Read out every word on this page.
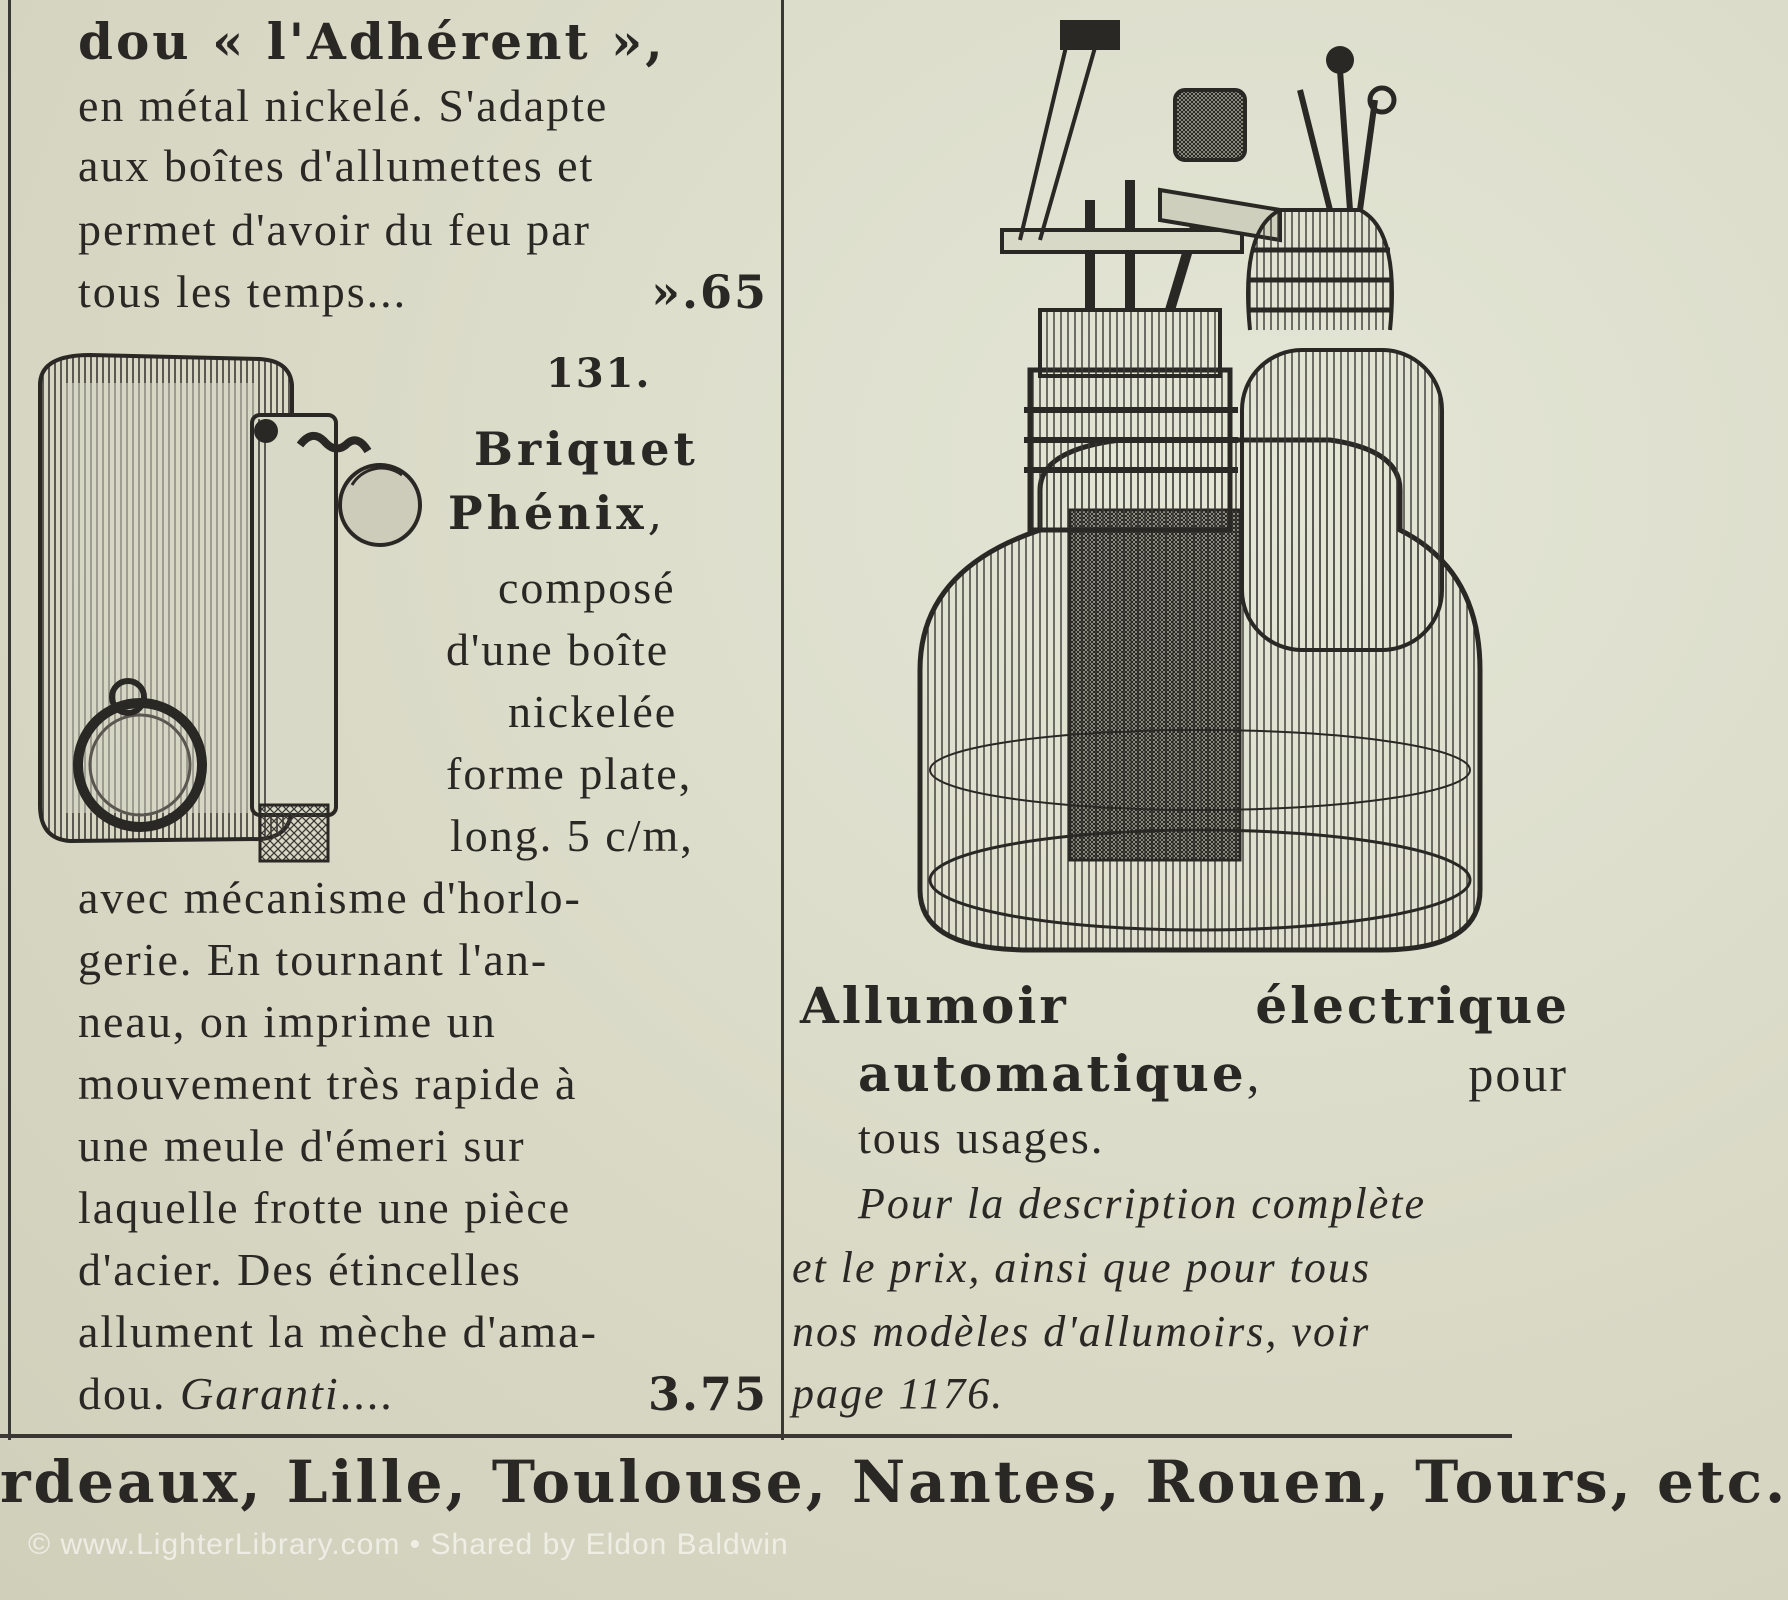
dou « l'Adhérent »,
en métal nickelé. S'adapte
aux boîtes d'allumettes et
permet d'avoir du feu par
tous les temps...	».65
131.
Briquet
Phénix,
composé
d'une boîte
nickelée
forme plate,
long. 5 c/m,
avec mécanisme d'horlo-
gerie. En tournant l'an-
neau, on imprime un
mouvement très rapide à
une meule d'émeri sur
laquelle frotte une pièce
d'acier. Des étincelles
allument la mèche d'ama-
dou. Garanti....	3.75
Allumoir	électrique
automatique,	pour
tous usages.
Pour la description complète
et le prix, ainsi que pour tous
nos modèles d'allumoirs, voir
page 1176.
rdeaux, Lille, Toulouse, Nantes, Rouen, Tours, etc.
© www.LighterLibrary.com • Shared by Eldon Baldwin
